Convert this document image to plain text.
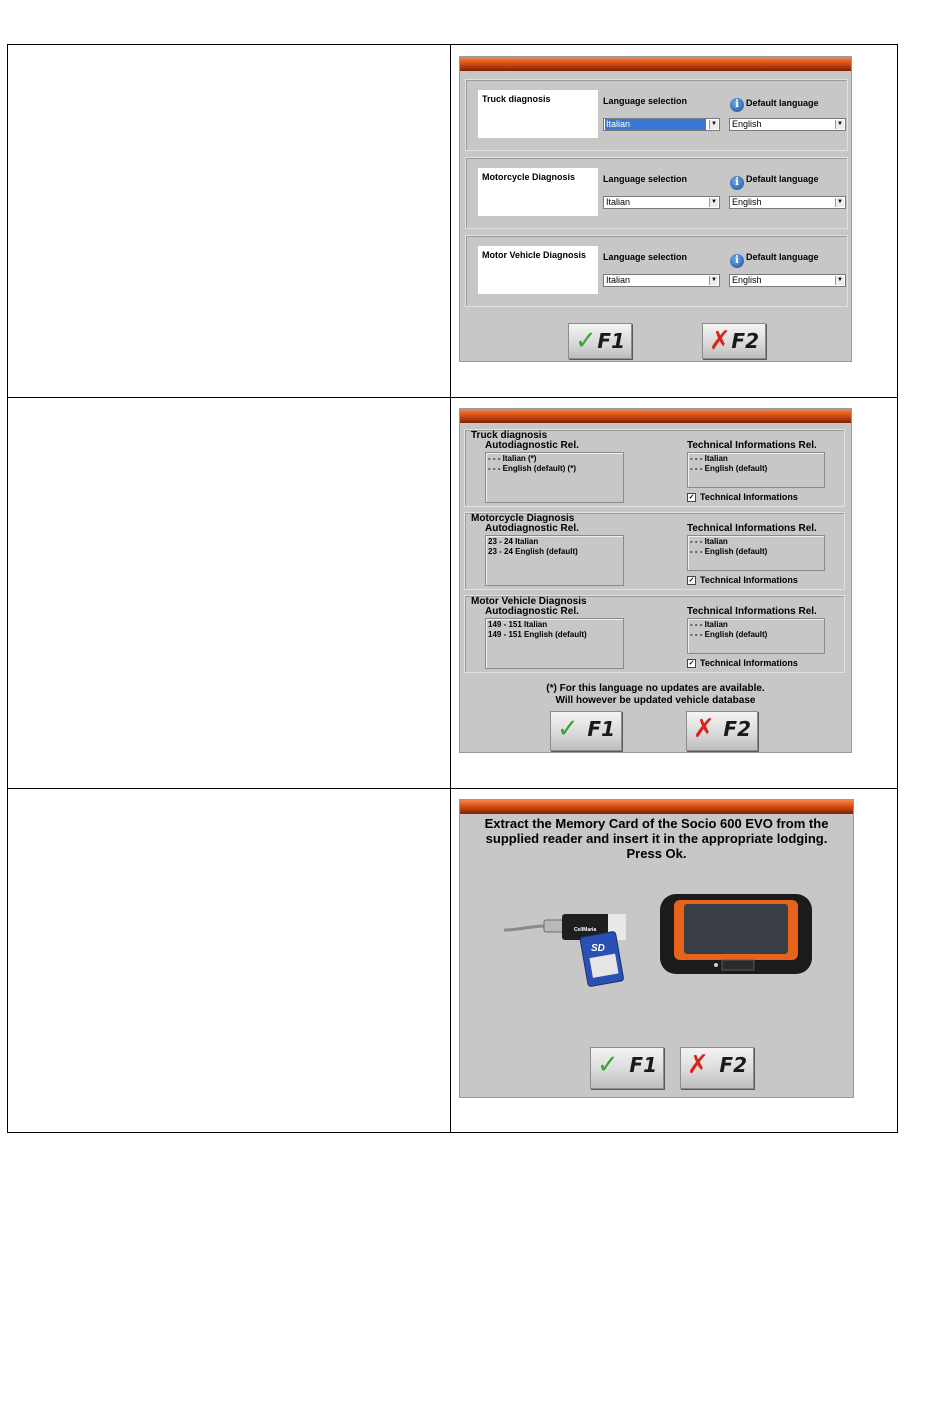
Truck diagnosis	Language selection
Italian	▼
i Default language
English	▼
Motorcycle Diagnosis	Language selection
Italian	▼
i Default language
English	▼
Motor Vehicle Diagnosis	Language selection
Italian	▼
i Default language
English	▼
✓ F1	✗ F2
Truck diagnosis
Autodiagnostic Rel.
- - - Italian (*)
- - - English (default) (*)
Technical Informations Rel.
- - - Italian
- - - English (default)
✓ Technical Informations
Motorcycle Diagnosis
Autodiagnostic Rel.
23 - 24 Italian
23 - 24 English (default)
Technical Informations Rel.
- - - Italian
- - - English (default)
✓ Technical Informations
Motor Vehicle Diagnosis
Autodiagnostic Rel.
149 - 151 Italian
149 - 151 English (default)
Technical Informations Rel.
- - - Italian
- - - English (default)
✓ Technical Informations
(*) For this language no updates are available.
Will however be updated vehicle database
✓ F1	✗ F2
Extract the Memory Card of the Socio 600 EVO from the
supplied reader and insert it in the appropriate lodging.
Press Ok.
CellMaria
SD
✓ F1 ✗ F2
